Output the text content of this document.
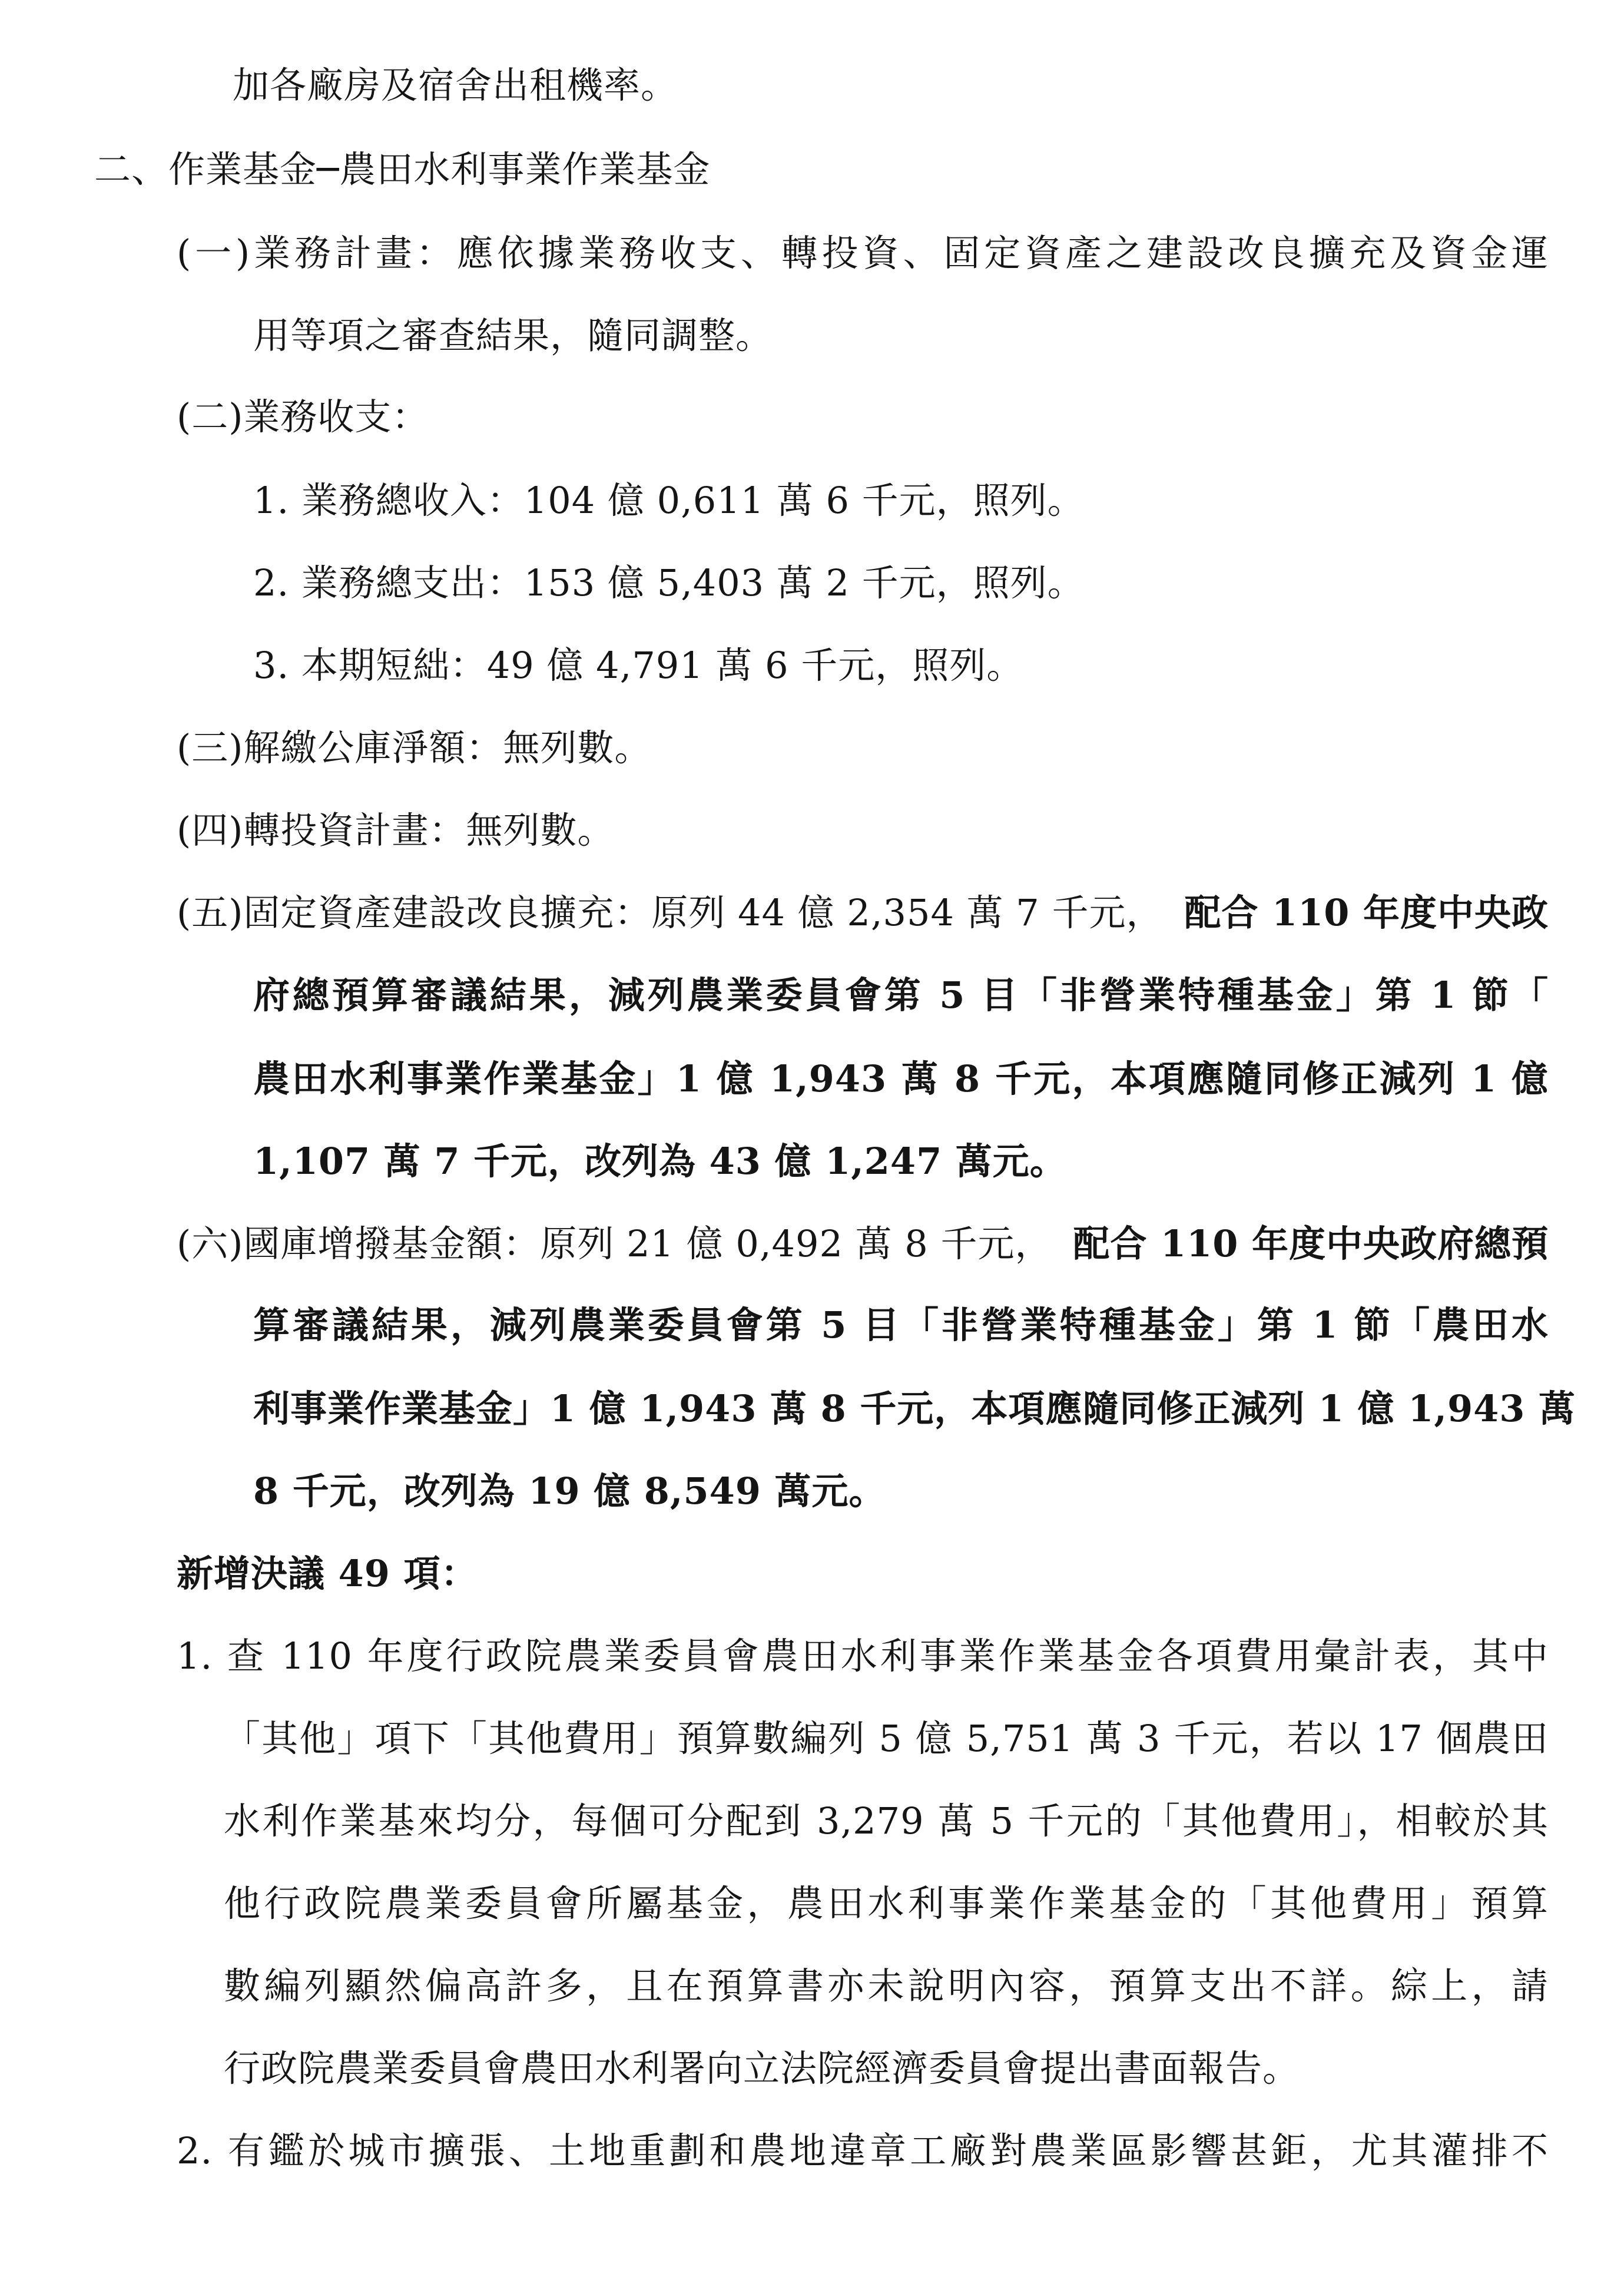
加各廠房及宿舍出租機率。

二、作業基金─農田水利事業作業基金

(一)業務計畫：應依據業務收支、轉投資、固定資產之建設改良擴充及資金運

用等項之審查結果，隨同調整。

(二)業務收支：

1. 業務總收入：104 億 0,611 萬 6 千元，照列。

2. 業務總支出：153 億 5,403 萬 2 千元，照列。

3. 本期短絀：49 億 4,791 萬 6 千元，照列。

(三)解繳公庫淨額：無列數。

(四)轉投資計畫：無列數。

(五)固定資產建設改良擴充：原列 44 億 2,354 萬 7 千元， 配合 110 年度中央政

府總預算審議結果，減列農業委員會第 5 目「非營業特種基金」第 1 節「

農田水利事業作業基金」1 億 1,943 萬 8 千元，本項應隨同修正減列 1 億

1,107 萬 7 千元，改列為 43 億 1,247 萬元。

(六)國庫增撥基金額：原列 21 億 0,492 萬 8 千元， 配合 110 年度中央政府總預

算審議結果，減列農業委員會第 5 目「非營業特種基金」第 1 節「農田水

利事業作業基金」1 億 1,943 萬 8 千元，本項應隨同修正減列 1 億 1,943 萬

8 千元，改列為 19 億 8,549 萬元。

新增決議 49 項：

1. 查 110 年度行政院農業委員會農田水利事業作業基金各項費用彙計表，其中

「其他」項下「其他費用」預算數編列 5 億 5,751 萬 3 千元，若以 17 個農田

水利作業基來均分，每個可分配到 3,279 萬 5 千元的「其他費用」，相較於其

他行政院農業委員會所屬基金，農田水利事業作業基金的「其他費用」預算

數編列顯然偏高許多，且在預算書亦未說明內容，預算支出不詳。綜上，請

行政院農業委員會農田水利署向立法院經濟委員會提出書面報告。

2. 有鑑於城市擴張、土地重劃和農地違章工廠對農業區影響甚鉅，尤其灌排不
